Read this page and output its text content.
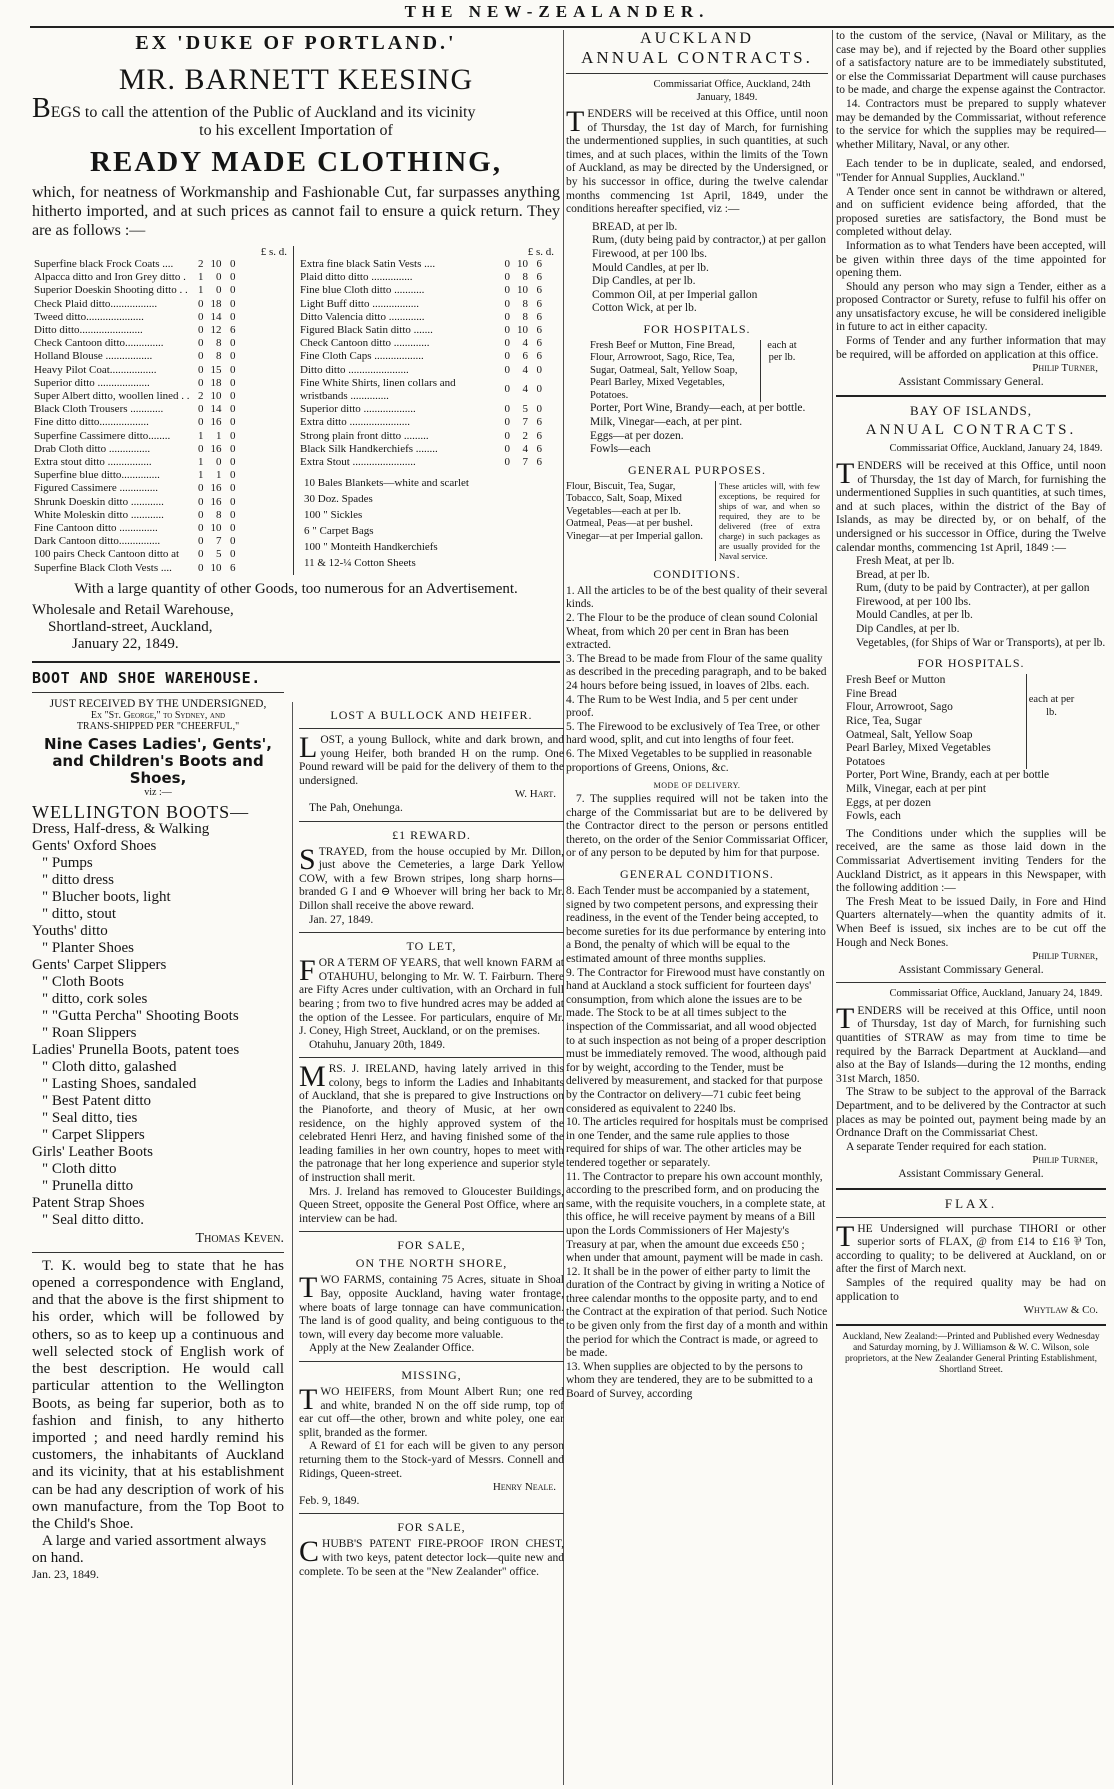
THE NEW-ZEALANDER.
EX 'DUKE OF PORTLAND.'
MR. BARNETT KEESING
BEGS to call the attention of the Public of Auckland and its vicinity
to his excellent Importation of
READY MADE CLOTHING,
which, for neatness of Workmanship and Fashionable Cut, far surpasses anything hitherto imported, and at such prices as cannot fail to ensure a quick return. They are as follows :—
£ s. d.
Superfine black Frock Coats ....	2	10	0
Alpacca ditto and Iron Grey ditto .	1	0	0
Superior Doeskin Shooting ditto . .	1	0	0
Check Plaid ditto.................	0	18	0
Tweed ditto.....................	0	14	0
Ditto ditto.......................	0	12	6
Check Cantoon ditto..............	0	8	0
Holland Blouse .................	0	8	0
Heavy Pilot Coat.................	0	15	0
Superior ditto ...................	0	18	0
Super Albert ditto, woollen lined . .	2	10	0
Black Cloth Trousers ............	0	14	0
Fine ditto ditto..................	0	16	0
Superfine Cassimere ditto........	1	1	0
Drab Cloth ditto ...............	0	16	0
Extra stout ditto ................	1	0	0
Superfine blue ditto..............	1	1	0
Figured Cassimere ..............	0	16	0
Shrunk Doeskin ditto ............	0	16	0
White Moleskin ditto ............	0	8	0
Fine Cantoon ditto ..............	0	10	0
Dark Cantoon ditto...............	0	7	0
100 pairs Check Cantoon ditto at	0	5	0
Superfine Black Cloth Vests ....	0	10	6
£ s. d.
Extra fine black Satin Vests ....	0	10	6
Plaid ditto ditto ...............	0	8	6
Fine blue Cloth ditto ...........	0	10	6
Light Buff ditto .................	0	8	6
Ditto Valencia ditto .............	0	8	6
Figured Black Satin ditto .......	0	10	6
Check Cantoon ditto .............	0	4	6
Fine Cloth Caps ..................	0	6	6
Ditto ditto ......................	0	4	0
Fine White Shirts, linen collars and wristbands ..............	0	4	0
Superior ditto ...................	0	5	0
Extra ditto ......................	0	7	6
Strong plain front ditto .........	0	2	6
Black Silk Handkerchiefs ........	0	4	6
Extra Stout .......................	0	7	6
10 Bales Blankets—white and scarlet
30 Doz. Spades
100 " Sickles
6 " Carpet Bags
100 " Monteith Handkerchiefs
11 & 12-¼ Cotton Sheets
With a large quantity of other Goods, too numerous for an Advertisement.
Wholesale and Retail Warehouse,
Shortland-street, Auckland,
January 22, 1849.
BOOT AND SHOE WAREHOUSE.
JUST RECEIVED BY THE UNDERSIGNED,
Ex "St. George," to Sydney, and
TRANS-SHIPPED PER "CHEERFUL,"
Nine Cases Ladies', Gents', and Children's Boots and Shoes,
viz :—
WELLINGTON BOOTS—
Dress, Half-dress, & Walking
Gents' Oxford Shoes
" Pumps
" ditto dress
" Blucher boots, light
" ditto, stout
Youths' ditto
" Planter Shoes
Gents' Carpet Slippers
" Cloth Boots
" ditto, cork soles
" "Gutta Percha" Shooting Boots
" Roan Slippers
Ladies' Prunella Boots, patent toes
" Cloth ditto, galashed
" Lasting Shoes, sandaled
" Best Patent ditto
" Seal ditto, ties
" Carpet Slippers
Girls' Leather Boots
" Cloth ditto
" Prunella ditto
Patent Strap Shoes
" Seal ditto ditto.
Thomas Keven.
T. K. would beg to state that he has opened a correspondence with England, and that the above is the first shipment to his order, which will be followed by others, so as to keep up a continuous and well selected stock of English work of the best description. He would call particular attention to the Wellington Boots, as being far superior, both as to fashion and finish, to any hitherto imported ; and need hardly remind his customers, the inhabitants of Auckland and its vicinity, that at his establishment can be had any description of work of his own manufacture, from the Top Boot to the Child's Shoe.
A large and varied assortment always on hand.
Jan. 23, 1849.
LOST A BULLOCK AND HEIFER.

LOST, a young Bullock, white and dark brown, and young Heifer, both branded H on the rump. One Pound reward will be paid for the delivery of them to the undersigned.

W. Hart.

The Pah, Onehunga.

£1 REWARD.

STRAYED, from the house occupied by Mr. Dillon, just above the Cemeteries, a large Dark Yellow COW, with a few Brown stripes, long sharp horns—branded G I and ⊖ Whoever will bring her back to Mr. Dillon shall receive the above reward.

Jan. 27, 1849.

TO LET,

FOR A TERM OF YEARS, that well known FARM at OTAHUHU, belonging to Mr. W. T. Fairburn. There are Fifty Acres under cultivation, with an Orchard in full bearing ; from two to five hundred acres may be added at the option of the Lessee. For particulars, enquire of Mr. J. Coney, High Street, Auckland, or on the premises.

Otahuhu, January 20th, 1849.

MRS. J. IRELAND, having lately arrived in this colony, begs to inform the Ladies and Inhabitants of Auckland, that she is prepared to give Instructions on the Pianoforte, and theory of Music, at her own residence, on the highly approved system of the celebrated Henri Herz, and having finished some of the leading families in her own country, hopes to meet with the patronage that her long experience and superior style of instruction shall merit.

Mrs. J. Ireland has removed to Gloucester Buildings, Queen Street, opposite the General Post Office, where an interview can be had.

FOR SALE,
ON THE NORTH SHORE,

TWO FARMS, containing 75 Acres, situate in Shoal Bay, opposite Auckland, having water frontage, where boats of large tonnage can have communication. The land is of good quality, and being contiguous to the town, will every day become more valuable.

Apply at the New Zealander Office.

MISSING,

TWO HEIFERS, from Mount Albert Run; one red and white, branded N on the off side rump, top of ear cut off—the other, brown and white poley, one ear split, branded as the former.

A Reward of £1 for each will be given to any person returning them to the Stock-yard of Messrs. Connell and Ridings, Queen-street.

Henry Neale.

Feb. 9, 1849.

FOR SALE,

CHUBB'S PATENT FIRE-PROOF IRON CHEST, with two keys, patent detector lock—quite new and complete. To be seen at the "New Zealander" office.

AUCKLAND
ANNUAL CONTRACTS.

Commissariat Office, Auckland, 24th January, 1849.

TENDERS will be received at this Office, until noon of Thursday, the 1st day of March, for furnishing the undermentioned supplies, in such quantities, at such times, and at such places, within the limits of the Town of Auckland, as may be directed by the Undersigned, or by his successor in office, during the twelve calendar months commencing 1st April, 1849, under the conditions hereafter specified, viz :—

BREAD, at per lb.

Rum, (duty being paid by contractor,) at per gallon

Firewood, at per 100 lbs.

Mould Candles, at per lb.

Dip Candles, at per lb.

Common Oil, at per Imperial gallon

Cotton Wick, at per lb.

FOR HOSPITALS.

Fresh Beef or Mutton, Fine Bread, Flour, Arrowroot, Sago, Rice, Tea, Sugar, Oatmeal, Salt, Yellow Soap, Pearl Barley, Mixed Vegetables, Potatoes.

each at per lb.

Porter, Port Wine, Brandy—each, at per bottle.

Milk, Vinegar—each, at per pint.

Eggs—at per dozen.

Fowls—each

GENERAL PURPOSES.

Flour, Biscuit, Tea, Sugar, Tobacco, Salt, Soap, Mixed Vegetables—each at per lb. Oatmeal, Peas—at per bushel. Vinegar—at per Imperial gallon.

These articles will, with few exceptions, be required for ships of war, and when so required, they are to be delivered (free of extra charge) in such packages as are usually provided for the Naval service.

CONDITIONS.

1. All the articles to be of the best quality of their several kinds.

2. The Flour to be the produce of clean sound Colonial Wheat, from which 20 per cent in Bran has been extracted.

3. The Bread to be made from Flour of the same quality as described in the preceding paragraph, and to be baked 24 hours before being issued, in loaves of 2lbs. each.

4. The Rum to be West India, and 5 per cent under proof.

5. The Firewood to be exclusively of Tea Tree, or other hard wood, split, and cut into lengths of four feet.

6. The Mixed Vegetables to be supplied in reasonable proportions of Greens, Onions, &c.

MODE OF DELIVERY.

7. The supplies required will not be taken into the charge of the Commissariat but are to be delivered by the Contractor direct to the person or persons entitled thereto, on the order of the Senior Commissariat Officer, or of any person to be deputed by him for that purpose.

GENERAL CONDITIONS.

8. Each Tender must be accompanied by a statement, signed by two competent persons, and expressing their readiness, in the event of the Tender being accepted, to become sureties for its due performance by entering into a Bond, the penalty of which will be equal to the estimated amount of three months supplies.

9. The Contractor for Firewood must have constantly on hand at Auckland a stock sufficient for fourteen days' consumption, from which alone the issues are to be made. The Stock to be at all times subject to the inspection of the Commissariat, and all wood objected to at such inspection as not being of a proper description must be immediately removed. The wood, although paid for by weight, according to the Tender, must be delivered by measurement, and stacked for that purpose by the Contractor on delivery—71 cubic feet being considered as equivalent to 2240 lbs.

10. The articles required for hospitals must be comprised in one Tender, and the same rule applies to those required for ships of war. The other articles may be tendered together or separately.

11. The Contractor to prepare his own account monthly, according to the prescribed form, and on producing the same, with the requisite vouchers, in a complete state, at this office, he will receive payment by means of a Bill upon the Lords Commissioners of Her Majesty's Treasury at par, when the amount due exceeds £50 ; when under that amount, payment will be made in cash.

12. It shall be in the power of either party to limit the duration of the Contract by giving in writing a Notice of three calendar months to the opposite party, and to end the Contract at the expiration of that period. Such Notice to be given only from the first day of a month and within the period for which the Contract is made, or agreed to be made.

13. When supplies are objected to by the persons to whom they are tendered, they are to be submitted to a Board of Survey, according

to the custom of the service, (Naval or Military, as the case may be), and if rejected by the Board other supplies of a satisfactory nature are to be immediately substituted, or else the Commissariat Department will cause purchases to be made, and charge the expense against the Contractor.

14. Contractors must be prepared to supply whatever may be demanded by the Commissariat, without reference to the service for which the supplies may be required—whether Military, Naval, or any other.

Each tender to be in duplicate, sealed, and endorsed, "Tender for Annual Supplies, Auckland."

A Tender once sent in cannot be withdrawn or altered, and on sufficient evidence being afforded, that the proposed sureties are satisfactory, the Bond must be completed without delay.

Information as to what Tenders have been accepted, will be given within three days of the time appointed for opening them.

Should any person who may sign a Tender, either as a proposed Contractor or Surety, refuse to fulfil his offer on any unsatisfactory excuse, he will be considered ineligible in future to act in either capacity.

Forms of Tender and any further information that may be required, will be afforded on application at this office.

Philip Turner,

Assistant Commissary General.

BAY OF ISLANDS,
ANNUAL CONTRACTS.

Commissariat Office, Auckland, January 24, 1849.

TENDERS will be received at this Office, until noon of Thursday, the 1st day of March, for furnishing the undermentioned Supplies in such quantities, at such times, and at such places, within the district of the Bay of Islands, as may be directed by, or on behalf, of the undersigned or his successor in Office, during the Twelve calendar months, commencing 1st April, 1849 :—

Fresh Meat, at per lb.

Bread, at per lb.

Rum, (duty to be paid by Contracter), at per gallon

Firewood, at per 100 lbs.

Mould Candles, at per lb.

Dip Candles, at per lb.

Vegetables, (for Ships of War or Transports), at per lb.

FOR HOSPITALS.

Fresh Beef or Mutton

Fine Bread

Flour, Arrowroot, Sago

Rice, Tea, Sugar

Oatmeal, Salt, Yellow Soap

Pearl Barley, Mixed Vegetables

Potatoes

each at per lb.

Porter, Port Wine, Brandy, each at per bottle

Milk, Vinegar, each at per pint

Eggs, at per dozen

Fowls, each

The Conditions under which the supplies will be received, are the same as those laid down in the Commissariat Advertisement inviting Tenders for the Auckland District, as it appears in this Newspaper, with the following addition :—

The Fresh Meat to be issued Daily, in Fore and Hind Quarters alternately—when the quantity admits of it. When Beef is issued, six inches are to be cut off the Hough and Neck Bones.

Philip Turner,

Assistant Commissary General.

Commissariat Office, Auckland, January 24, 1849.

TENDERS will be received at this Office, until noon of Thursday, 1st day of March, for furnishing such quantities of STRAW as may from time to time be required by the Barrack Department at Auckland—and also at the Bay of Islands—during the 12 months, ending 31st March, 1850.

The Straw to be subject to the approval of the Barrack Department, and to be delivered by the Contractor at such places as may be pointed out, payment being made by an Ordnance Draft on the Commissariat Chest.

A separate Tender required for each station.

Philip Turner,

Assistant Commissary General.

FLAX.

THE Undersigned will purchase TIHORI or other superior sorts of FLAX, @ from £14 to £16 ⅌ Ton, according to quality; to be delivered at Auckland, on or after the first of March next.

Samples of the required quality may be had on application to

Whytlaw & Co.

Auckland, New Zealand:—Printed and Published every Wednesday and Saturday morning, by J. Williamson & W. C. Wilson, sole proprietors, at the New Zealander General Printing Establishment, Shortland Street.
